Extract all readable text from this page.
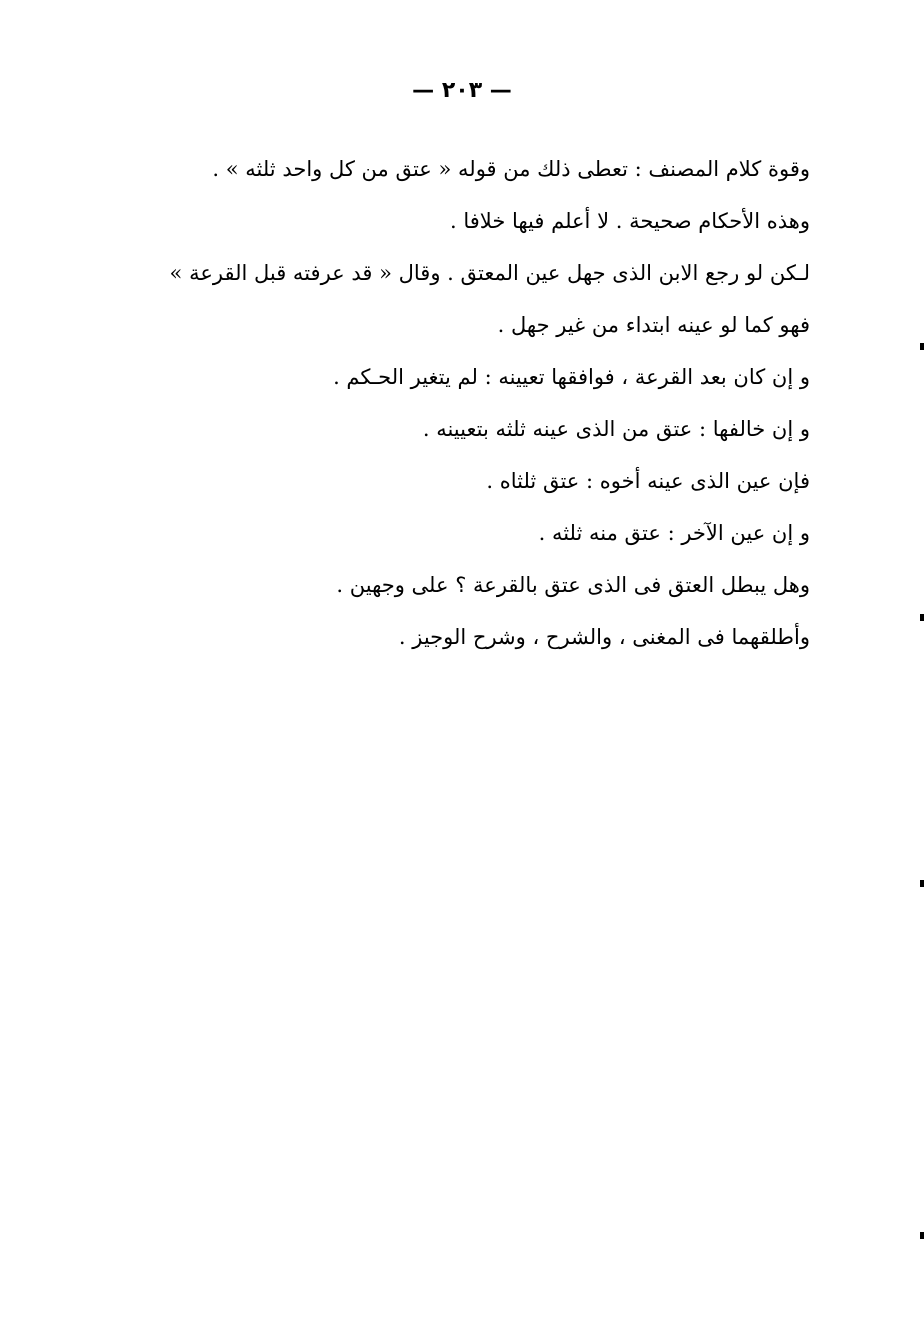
— ٢٠٣ —
وقوة كلام المصنف : تعطى ذلك من قوله « عتق من كل واحد ثلثه » .
وهذه الأحكام صحيحة . لا أعلم فيها خلافا .
لـكن لو رجع الابن الذى جهل عين المعتق . وقال « قد عرفته قبل القرعة »
فهو كما لو عينه ابتداء من غير جهل .
و إن كان بعد القرعة ، فوافقها تعيينه : لم يتغير الحـكم .
و إن خالفها : عتق من الذى عينه ثلثه بتعيينه .
فإن عين الذى عينه أخوه : عتق ثلثاه .
و إن عين الآخر : عتق منه ثلثه .
وهل يبطل العتق فى الذى عتق بالقرعة ؟ على وجهين .
وأطلقهما فى المغنى ، والشرح ، وشرح الوجيز .
